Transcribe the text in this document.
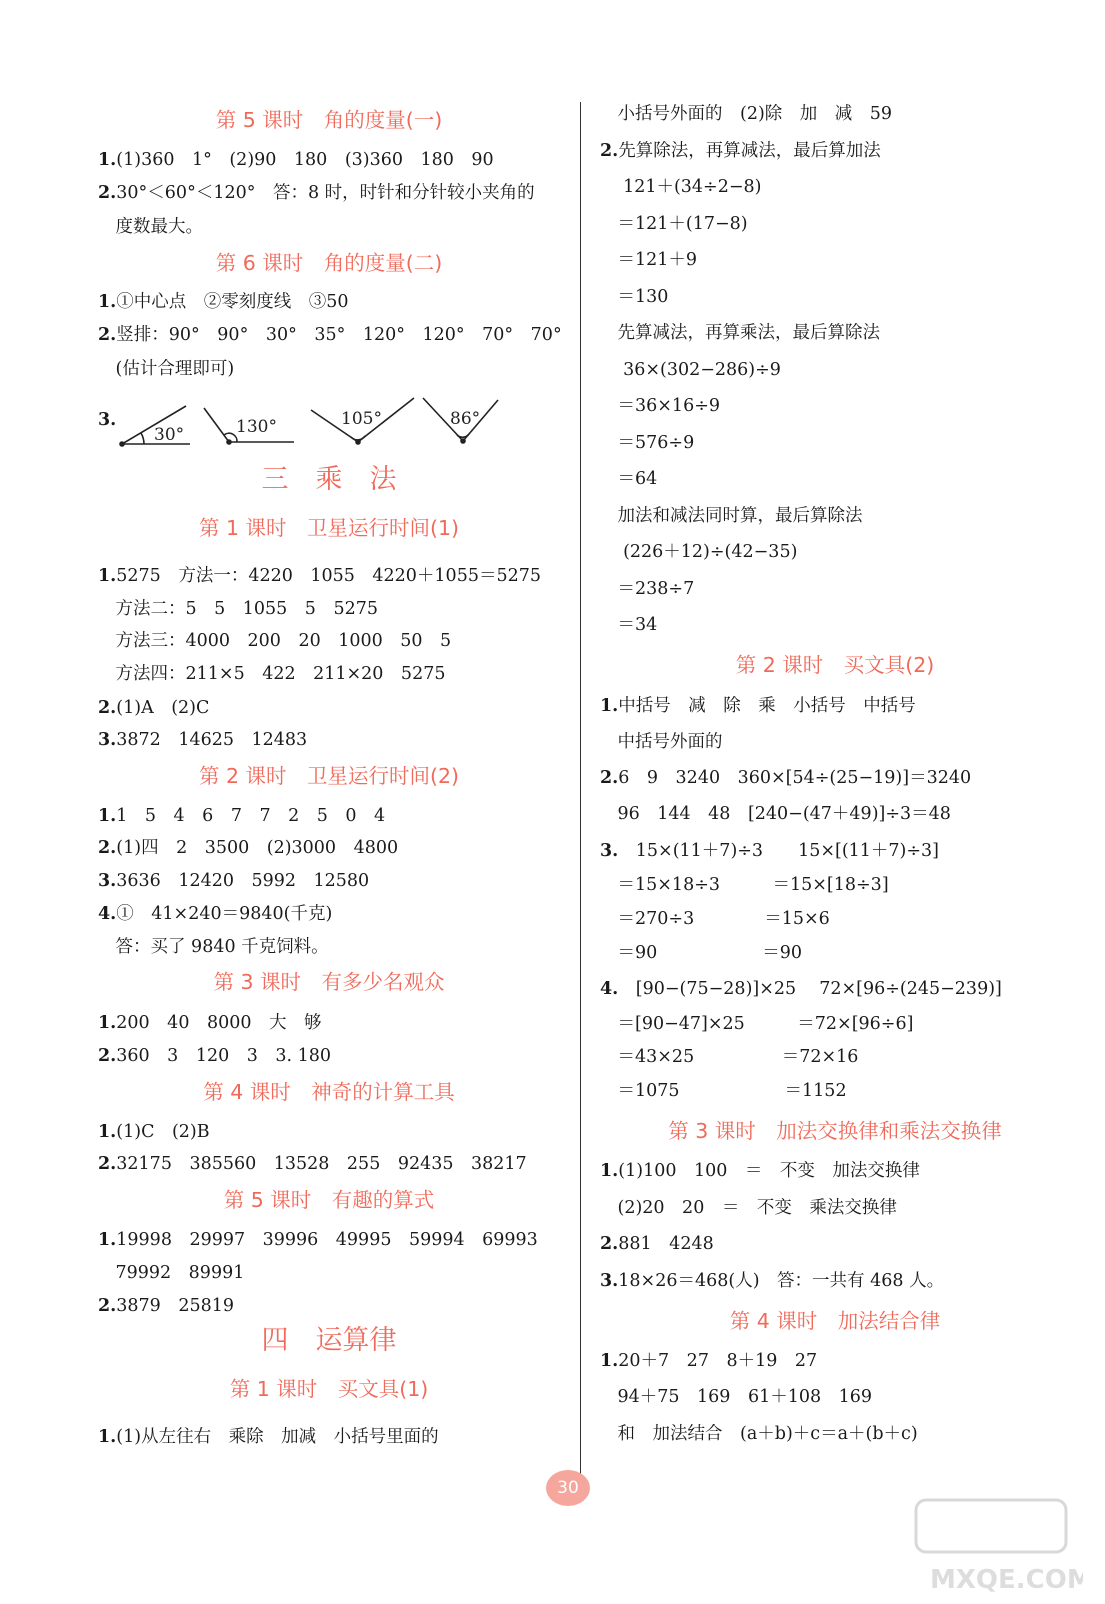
第 5 课时　角的度量(一)
1.(1)360　1°　(2)90　180　(3)360　180　90
2.30°＜60°＜120°　答：8 时，时针和分针较小夹角的
　度数最大。
第 6 课时　角的度量(二)
1.①中心点　②零刻度线　③50
2.竖排：90°　90°　30°　35°　120°　120°　70°　70°
　(估计合理即可)
三　乘　法
第 1 课时　卫星运行时间(1)
1.5275　方法一：4220　1055　4220＋1055＝5275
　方法二：5　5　1055　5　5275
　方法三：4000　200　20　1000　50　5
　方法四：211×5　422　211×20　5275
2.(1)A　(2)C
3.3872　14625　12483
第 2 课时　卫星运行时间(2)
1.1　5　4　6　7　7　2　5　0　4
2.(1)四　2　3500　(2)3000　4800
3.3636　12420　5992　12580
4.①　41×240＝9840(千克)
　答：买了 9840 千克饲料。
第 3 课时　有多少名观众
1.200　40　8000　大　够
2.360　3　120　3　3. 180
第 4 课时　神奇的计算工具
1.(1)C　(2)B
2.32175　385560　13528　255　92435　38217
第 5 课时　有趣的算式
1.19998　29997　39996　49995　59994　69993
　79992　89991
2.3879　25819
四　运算律
第 1 课时　买文具(1)
1.(1)从左往右　乘除　加减　小括号里面的
　小括号外面的　(2)除　加　减　59
2.先算除法，再算减法，最后算加法
　 121＋(34÷2−8)
　＝121＋(17−8)
　＝121＋9
　＝130
　先算减法，再算乘法，最后算除法
　 36×(302−286)÷9
　＝36×16÷9
　＝576÷9
　＝64
　加法和减法同时算，最后算除法
　 (226＋12)÷(42−35)
　＝238÷7
　＝34
第 2 课时　买文具(2)
1.中括号　减　除　乘　小括号　中括号
　中括号外面的
2.6　9　3240　360×[54÷(25−19)]＝3240
　96　144　48　[240−(47＋49)]÷3＝48
3.　15×(11＋7)÷3　　15×[(11＋7)÷3]
　＝15×18÷3　　　＝15×[18÷3]
　＝270÷3　　　　＝15×6
　＝90　　　　　　＝90
4.　[90−(75−28)]×25　 72×[96÷(245−239)]
　＝[90−47]×25　　　＝72×[96÷6]
　＝43×25　　　　　＝72×16
　＝1075　　　　　　＝1152
第 3 课时　加法交换律和乘法交换律
1.(1)100　100　＝　不变　加法交换律
　(2)20　20　＝　不变　乘法交换律
2.881　4248
3.18×26＝468(人)　答：一共有 468 人。
第 4 课时　加法结合律
1.20＋7　27　8＋19　27
　94＋75　169　61＋108　169
　和　加法结合　(a＋b)＋c＝a＋(b＋c)
3.
30°	130°	105°	86°
30
MXQE.COM
